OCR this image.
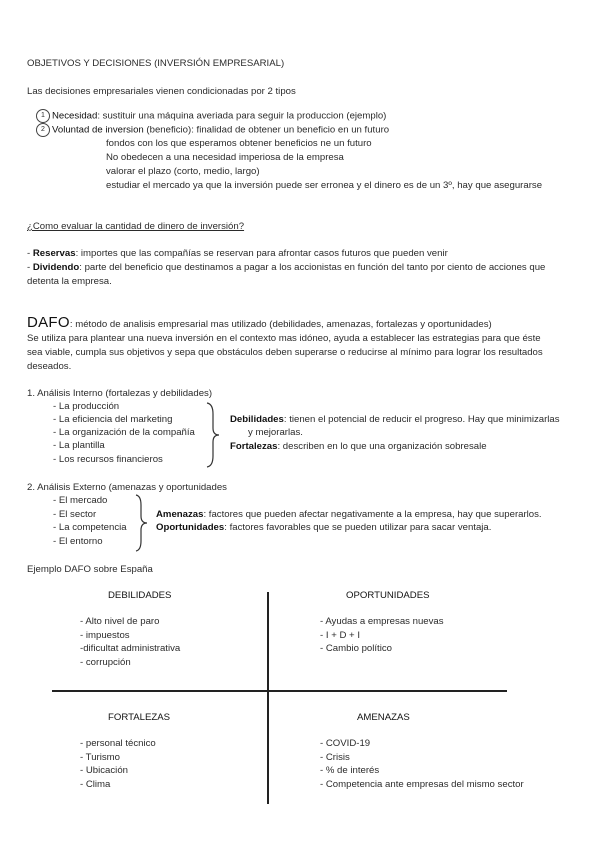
OBJETIVOS Y DECISIONES (INVERSIÓN EMPRESARIAL)
Las decisiones empresariales vienen condicionadas por 2 tipos
1 Necesidad: sustituir una máquina averiada para seguir la produccion (ejemplo)
2 Voluntad de inversion (beneficio): finalidad de obtener un beneficio en un futuro
fondos con los que esperamos obtener beneficios ne un futuro
No obedecen a una necesidad imperiosa de la empresa
valorar el plazo (corto, medio, largo)
estudiar el mercado ya que la inversión puede ser erronea y el dinero es de un 3º, hay que asegurarse
¿Como evaluar la cantidad de dinero de inversión?
- Reservas: importes que las compañías se reservan para afrontar casos futuros que pueden venir
- Dividendo: parte del beneficio que destinamos a pagar a los accionistas en función del tanto por ciento de acciones que
detenta la empresa.
DAFO: método de analisis empresarial mas utilizado (debilidades, amenazas, fortalezas y oportunidades)
Se utiliza para plantear una nueva inversión en el contexto mas idóneo, ayuda a establecer las estrategias para que éste
sea viable, cumpla sus objetivos y sepa que obstáculos deben superarse o reducirse al mínimo para lograr los resultados
deseados.
1. Análisis Interno (fortalezas y debilidades)
- La producción
- La eficiencia del marketing
- La organización de la compañía
- La plantilla
- Los recursos financieros
Debilidades: tienen el potencial de reducir el progreso. Hay que minimizarlas
y mejorarlas.
Fortalezas: describen en lo que una organización sobresale
2. Análisis Externo (amenazas y oportunidades
- El mercado
- El sector
- La competencia
- El entorno
Amenazas: factores que pueden afectar negativamente a la empresa, hay que superarlos.
Oportunidades: factores favorables que se pueden utilizar para sacar ventaja.
Ejemplo DAFO sobre España
DEBILIDADES
- Alto nivel de paro
- impuestos
-dificultat administrativa
- corrupción
OPORTUNIDADES
- Ayudas a empresas nuevas
- I + D + I
- Cambio político
FORTALEZAS
- personal técnico
- Turismo
- Ubicación
- Clima
AMENAZAS
- COVID-19
- Crisis
- % de interés
- Competencia ante empresas del mismo sector
